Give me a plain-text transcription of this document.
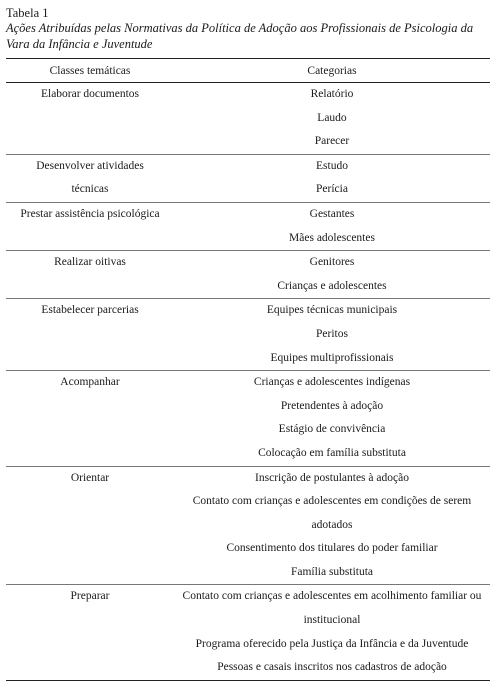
Tabela 1
Ações Atribuídas pelas Normativas da Política de Adoção aos Profissionais de Psicologia da Vara da Infância e Juventude
Classes temáticas	Categorias

Elaborar documentos	Relatório
Laudo
Parecer

Desenvolver atividades técnicas	Estudo
Perícia

Prestar assistência psicológica	Gestantes
Mães adolescentes

Realizar oitivas	Genitores
Crianças e adolescentes

Estabelecer parcerias	Equipes técnicas municipais
Peritos
Equipes multiprofissionais

Acompanhar	Crianças e adolescentes indígenas
Pretendentes à adoção
Estágio de convivência
Colocação em família substituta

Orientar	Inscrição de postulantes à adoção
Contato com crianças e adolescentes em condições de serem adotados
Consentimento dos titulares do poder familiar
Família substituta

Preparar	Contato com crianças e adolescentes em acolhimento familiar ou institucional
Programa oferecido pela Justiça da Infância e da Juventude
Pessoas e casais inscritos nos cadastros de adoção
